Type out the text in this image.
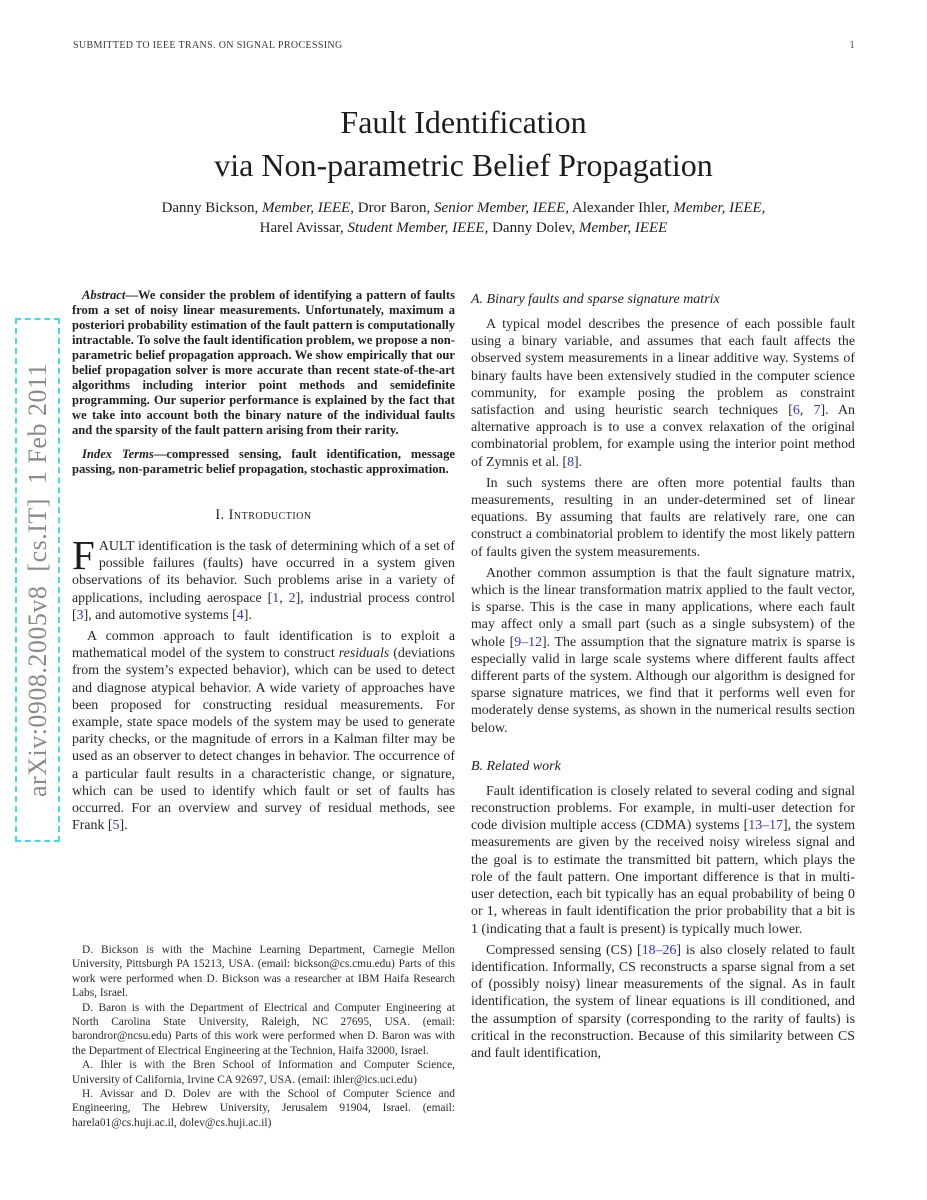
SUBMITTED TO IEEE TRANS. ON SIGNAL PROCESSING	1
arXiv:0908.2005v8  [cs.IT]  1 Feb 2011
Fault Identification
via Non-parametric Belief Propagation
Danny Bickson, Member, IEEE, Dror Baron, Senior Member, IEEE, Alexander Ihler, Member, IEEE,
Harel Avissar, Student Member, IEEE, Danny Dolev, Member, IEEE

Abstract—We consider the problem of identifying a pattern of faults from a set of noisy linear measurements. Unfortunately, maximum a posteriori probability estimation of the fault pattern is computationally intractable. To solve the fault identification problem, we propose a non-parametric belief propagation approach. We show empirically that our belief propagation solver is more accurate than recent state-of-the-art algorithms including interior point methods and semidefinite programming. Our superior performance is explained by the fact that we take into account both the binary nature of the individual faults and the sparsity of the fault pattern arising from their rarity.

Index Terms—compressed sensing, fault identification, message passing, non-parametric belief propagation, stochastic approximation.

I. Introduction

FAULT identification is the task of determining which of a set of possible failures (faults) have occurred in a system given observations of its behavior. Such problems arise in a variety of applications, including aerospace [1, 2], industrial process control [3], and automotive systems [4].

A common approach to fault identification is to exploit a mathematical model of the system to construct residuals (deviations from the system’s expected behavior), which can be used to detect and diagnose atypical behavior. A wide variety of approaches have been proposed for constructing residual measurements. For example, state space models of the system may be used to generate parity checks, or the magnitude of errors in a Kalman filter may be used as an observer to detect changes in behavior. The occurrence of a particular fault results in a characteristic change, or signature, which can be used to identify which fault or set of faults has occurred. For an overview and survey of residual methods, see Frank [5].

D. Bickson is with the Machine Learning Department, Carnegie Mellon University, Pittsburgh PA 15213, USA. (email: bickson@cs.cmu.edu) Parts of this work were performed when D. Bickson was a researcher at IBM Haifa Research Labs, Israel.

D. Baron is with the Department of Electrical and Computer Engineering at North Carolina State University, Raleigh, NC 27695, USA. (email: barondror@ncsu.edu) Parts of this work were performed when D. Baron was with the Department of Electrical Engineering at the Technion, Haifa 32000, Israel.

A. Ihler is with the Bren School of Information and Computer Science, University of California, Irvine CA 92697, USA. (email: ihler@ics.uci.edu)

H. Avissar and D. Dolev are with the School of Computer Science and Engineering, The Hebrew University, Jerusalem 91904, Israel. (email: harela01@cs.huji.ac.il, dolev@cs.huji.ac.il)

A. Binary faults and sparse signature matrix

A typical model describes the presence of each possible fault using a binary variable, and assumes that each fault affects the observed system measurements in a linear additive way. Systems of binary faults have been extensively studied in the computer science community, for example posing the problem as constraint satisfaction and using heuristic search techniques [6, 7]. An alternative approach is to use a convex relaxation of the original combinatorial problem, for example using the interior point method of Zymnis et al. [8].

In such systems there are often more potential faults than measurements, resulting in an under-determined set of linear equations. By assuming that faults are relatively rare, one can construct a combinatorial problem to identify the most likely pattern of faults given the system measurements.

Another common assumption is that the fault signature matrix, which is the linear transformation matrix applied to the fault vector, is sparse. This is the case in many applications, where each fault may affect only a small part (such as a single subsystem) of the whole [9–12]. The assumption that the signature matrix is sparse is especially valid in large scale systems where different faults affect different parts of the system. Although our algorithm is designed for sparse signature matrices, we find that it performs well even for moderately dense systems, as shown in the numerical results section below.

B. Related work

Fault identification is closely related to several coding and signal reconstruction problems. For example, in multi-user detection for code division multiple access (CDMA) systems [13–17], the system measurements are given by the received noisy wireless signal and the goal is to estimate the transmitted bit pattern, which plays the role of the fault pattern. One important difference is that in multi-user detection, each bit typically has an equal probability of being 0 or 1, whereas in fault identification the prior probability that a bit is 1 (indicating that a fault is present) is typically much lower.

Compressed sensing (CS) [18–26] is also closely related to fault identification. Informally, CS reconstructs a sparse signal from a set of (possibly noisy) linear measurements of the signal. As in fault identification, the system of linear equations is ill conditioned, and the assumption of sparsity (corresponding to the rarity of faults) is critical in the reconstruction. Because of this similarity between CS and fault identification,
